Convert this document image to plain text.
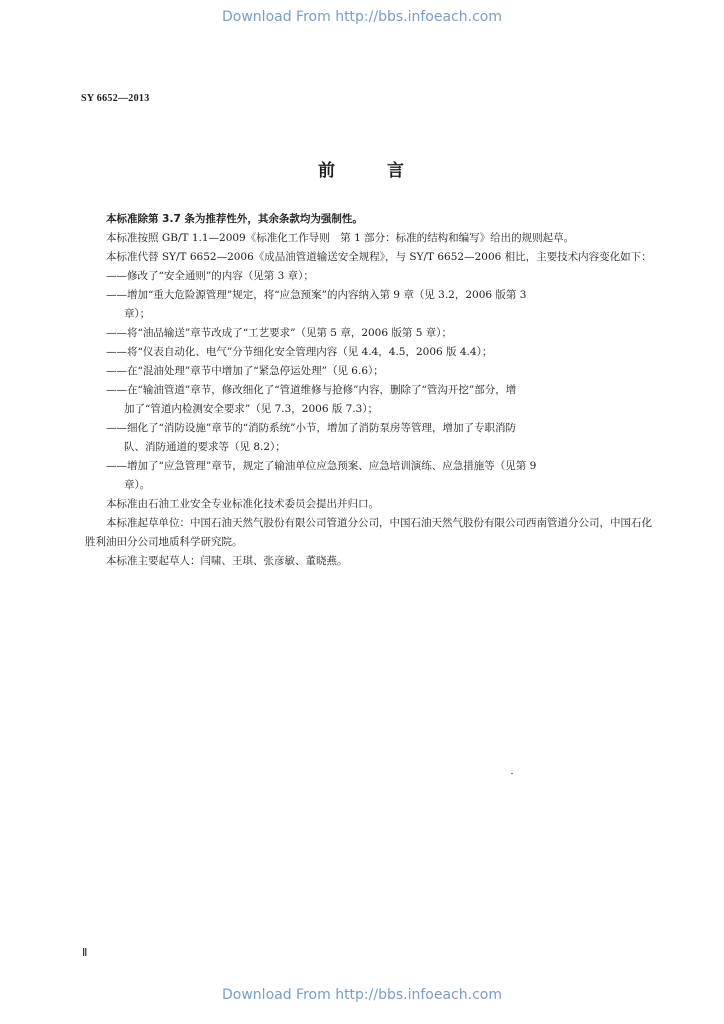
Download From http://bbs.infoeach.com
SY 6652—2013
前	言

本标准除第 3.7 条为推荐性外，其余条款均为强制性。

本标准按照 GB/T 1.1—2009《标准化工作导则　第 1 部分：标准的结构和编写》给出的规则起草。

本标准代替 SY/T 6652—2006《成品油管道输送安全规程》，与 SY/T 6652—2006 相比，主要技术内容变化如下：

——修改了“安全通则”的内容（见第 3 章）；
——增加“重大危险源管理”规定，将“应急预案”的内容纳入第 9 章（见 3.2，2006 版第 3
章）；
——将“油品输送”章节改成了“工艺要求”（见第 5 章，2006 版第 5 章）；
——将“仪表自动化、电气”分节细化安全管理内容（见 4.4，4.5，2006 版 4.4）；
——在“混油处理”章节中增加了“紧急停运处理”（见 6.6）；
——在“输油管道”章节，修改细化了“管道维修与抢修”内容，删除了“管沟开挖”部分，增
加了“管道内检测安全要求”（见 7.3，2006 版 7.3）；
——细化了“消防设施”章节的“消防系统”小节，增加了消防泵房等管理，增加了专职消防
队、消防通道的要求等（见 8.2）；
——增加了“应急管理”章节，规定了输油单位应急预案、应急培训演练、应急措施等（见第 9
章）。

本标准由石油工业安全专业标准化技术委员会提出并归口。

本标准起草单位：中国石油天然气股份有限公司管道分公司，中国石油天然气股份有限公司西南管道分公司，中国石化胜利油田分公司地质科学研究院。

本标准主要起草人：闫啸、王琪、张彦敏、董晓燕。

Ⅱ
Download From http://bbs.infoeach.com
